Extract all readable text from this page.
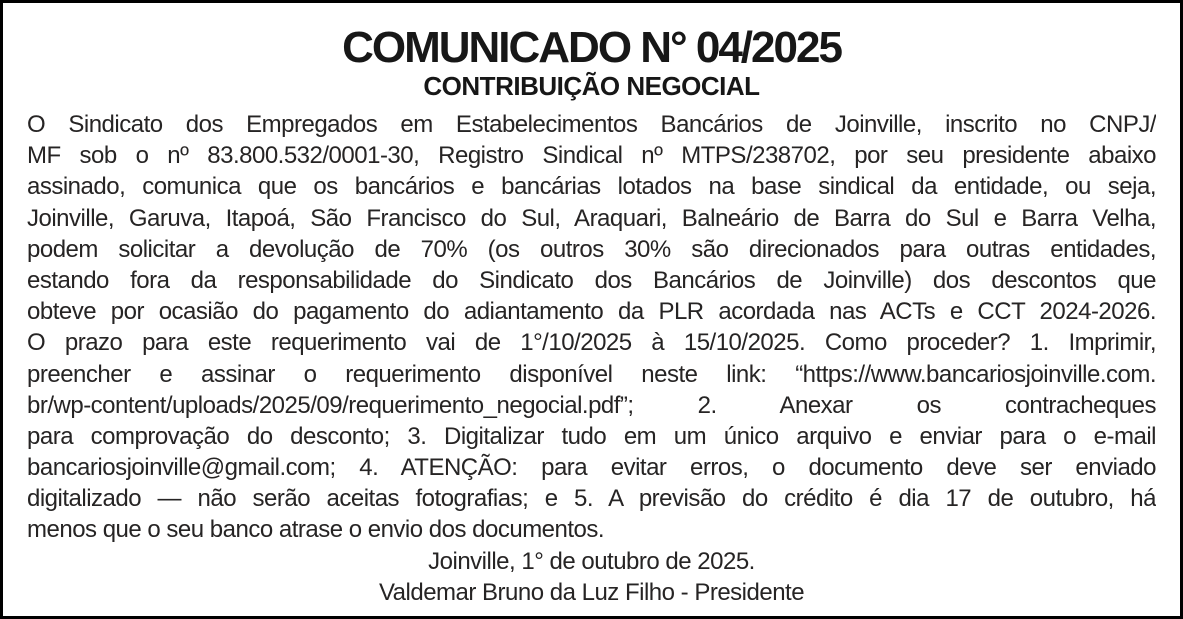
COMUNICADO N° 04/2025
CONTRIBUIÇÃO NEGOCIAL
O Sindicato dos Empregados em Estabelecimentos Bancários de Joinville, inscrito no CNPJ/
MF sob o nº 83.800.532/0001-30, Registro Sindical nº MTPS/238702, por seu presidente abaixo
assinado, comunica que os bancários e bancárias lotados na base sindical da entidade, ou seja,
Joinville, Garuva, Itapoá, São Francisco do Sul, Araquari, Balneário de Barra do Sul e Barra Velha,
podem solicitar a devolução de 70% (os outros 30% são direcionados para outras entidades,
estando fora da responsabilidade do Sindicato dos Bancários de Joinville) dos descontos que
obteve por ocasião do pagamento do adiantamento da PLR acordada nas ACTs e CCT 2024-2026.
O prazo para este requerimento vai de 1°/10/2025 à 15/10/2025. Como proceder? 1. Imprimir,
preencher e assinar o requerimento disponível neste link: “https://www.bancariosjoinville.com.
br/wp-content/uploads/2025/09/requerimento_negocial.pdf”; 2. Anexar os contracheques
para comprovação do desconto; 3. Digitalizar tudo em um único arquivo e enviar para o e-mail
bancariosjoinville@gmail.com; 4. ATENÇÃO: para evitar erros, o documento deve ser enviado
digitalizado — não serão aceitas fotografias; e 5. A previsão do crédito é dia 17 de outubro, há
menos que o seu banco atrase o envio dos documentos.
Joinville, 1° de outubro de 2025.
Valdemar Bruno da Luz Filho - Presidente
